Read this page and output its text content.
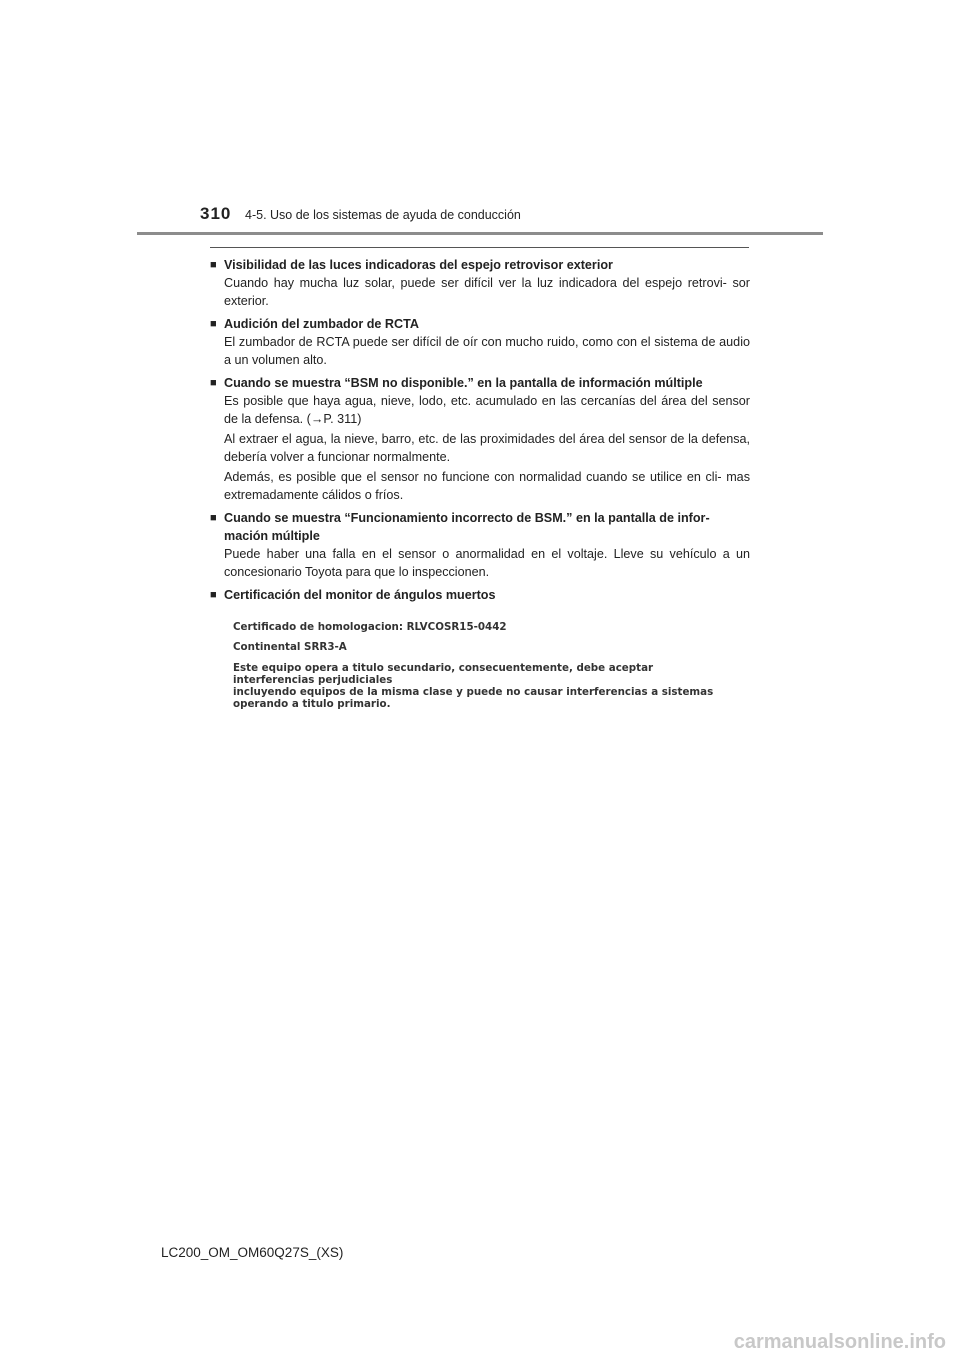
310 4-5. Uso de los sistemas de ayuda de conducción
■ Visibilidad de las luces indicadoras del espejo retrovisor exterior

Cuando hay mucha luz solar, puede ser difícil ver la luz indicadora del espejo retrovi- sor exterior.

■ Audición del zumbador de RCTA

El zumbador de RCTA puede ser difícil de oír con mucho ruido, como con el sistema de audio a un volumen alto.

■ Cuando se muestra “BSM no disponible.” en la pantalla de información múltiple

Es posible que haya agua, nieve, lodo, etc. acumulado en las cercanías del área del sensor de la defensa. (→P. 311)

Al extraer el agua, la nieve, barro, etc. de las proximidades del área del sensor de la defensa, debería volver a funcionar normalmente.

Además, es posible que el sensor no funcione con normalidad cuando se utilice en cli- mas extremadamente cálidos o fríos.

■ Cuando se muestra “Funcionamiento incorrecto de BSM.” en la pantalla de infor- mación múltiple

Puede haber una falla en el sensor o anormalidad en el voltaje. Lleve su vehículo a un concesionario Toyota para que lo inspeccionen.

■ Certificación del monitor de ángulos muertos

Certificado de homologacion: RLVCOSR15-0442

Continental SRR3-A

Este equipo opera a titulo secundario, consecuentemente, debe aceptar interferencias perjudiciales

incluyendo equipos de la misma clase y puede no causar interferencias a sistemas operando a titulo primario.

LC200_OM_OM60Q27S_(XS)
carmanualsonline.info
